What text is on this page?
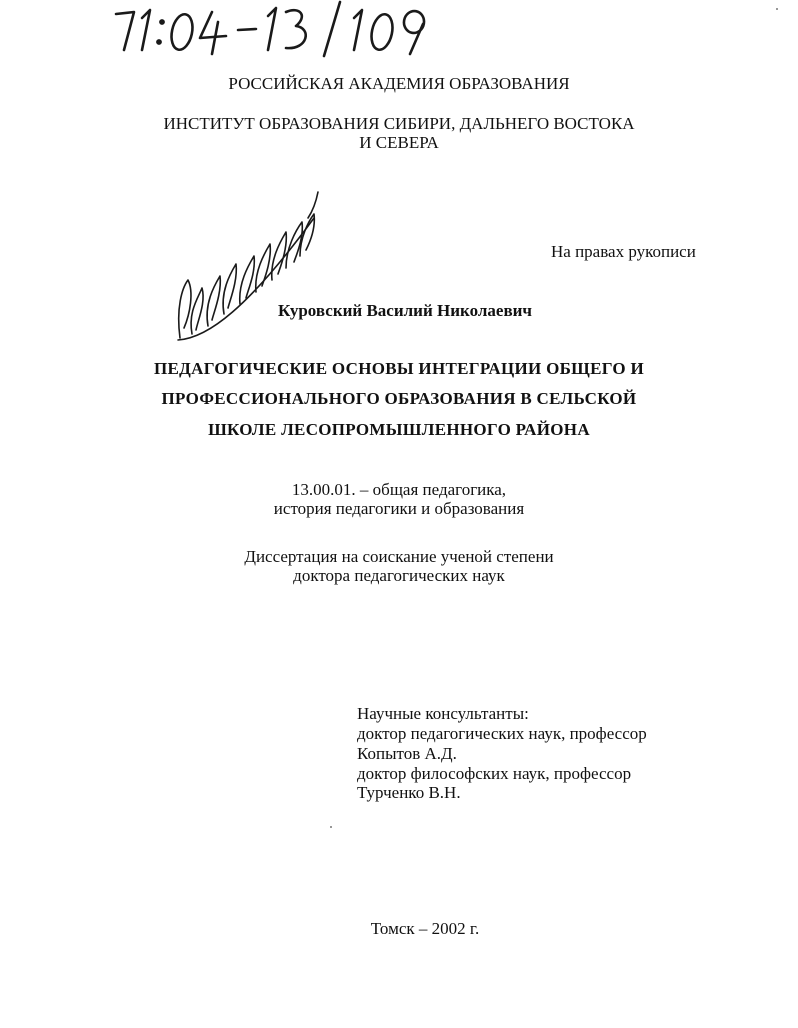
РОССИЙСКАЯ АКАДЕМИЯ ОБРАЗОВАНИЯ
ИНСТИТУТ ОБРАЗОВАНИЯ СИБИРИ, ДАЛЬНЕГО ВОСТОКА
И СЕВЕРА
На правах рукописи
Куровский Василий Николаевич
ПЕДАГОГИЧЕСКИЕ ОСНОВЫ ИНТЕГРАЦИИ ОБЩЕГО И
ПРОФЕССИОНАЛЬНОГО ОБРАЗОВАНИЯ В СЕЛЬСКОЙ
ШКОЛЕ ЛЕСОПРОМЫШЛЕННОГО РАЙОНА
13.00.01. – общая педагогика,
история педагогики и образования
Диссертация на соискание ученой степени
доктора педагогических наук
Научные консультанты:
доктор педагогических наук, профессор
Копытов А.Д.
доктор философских наук, профессор
Турченко В.Н.
Томск – 2002 г.
